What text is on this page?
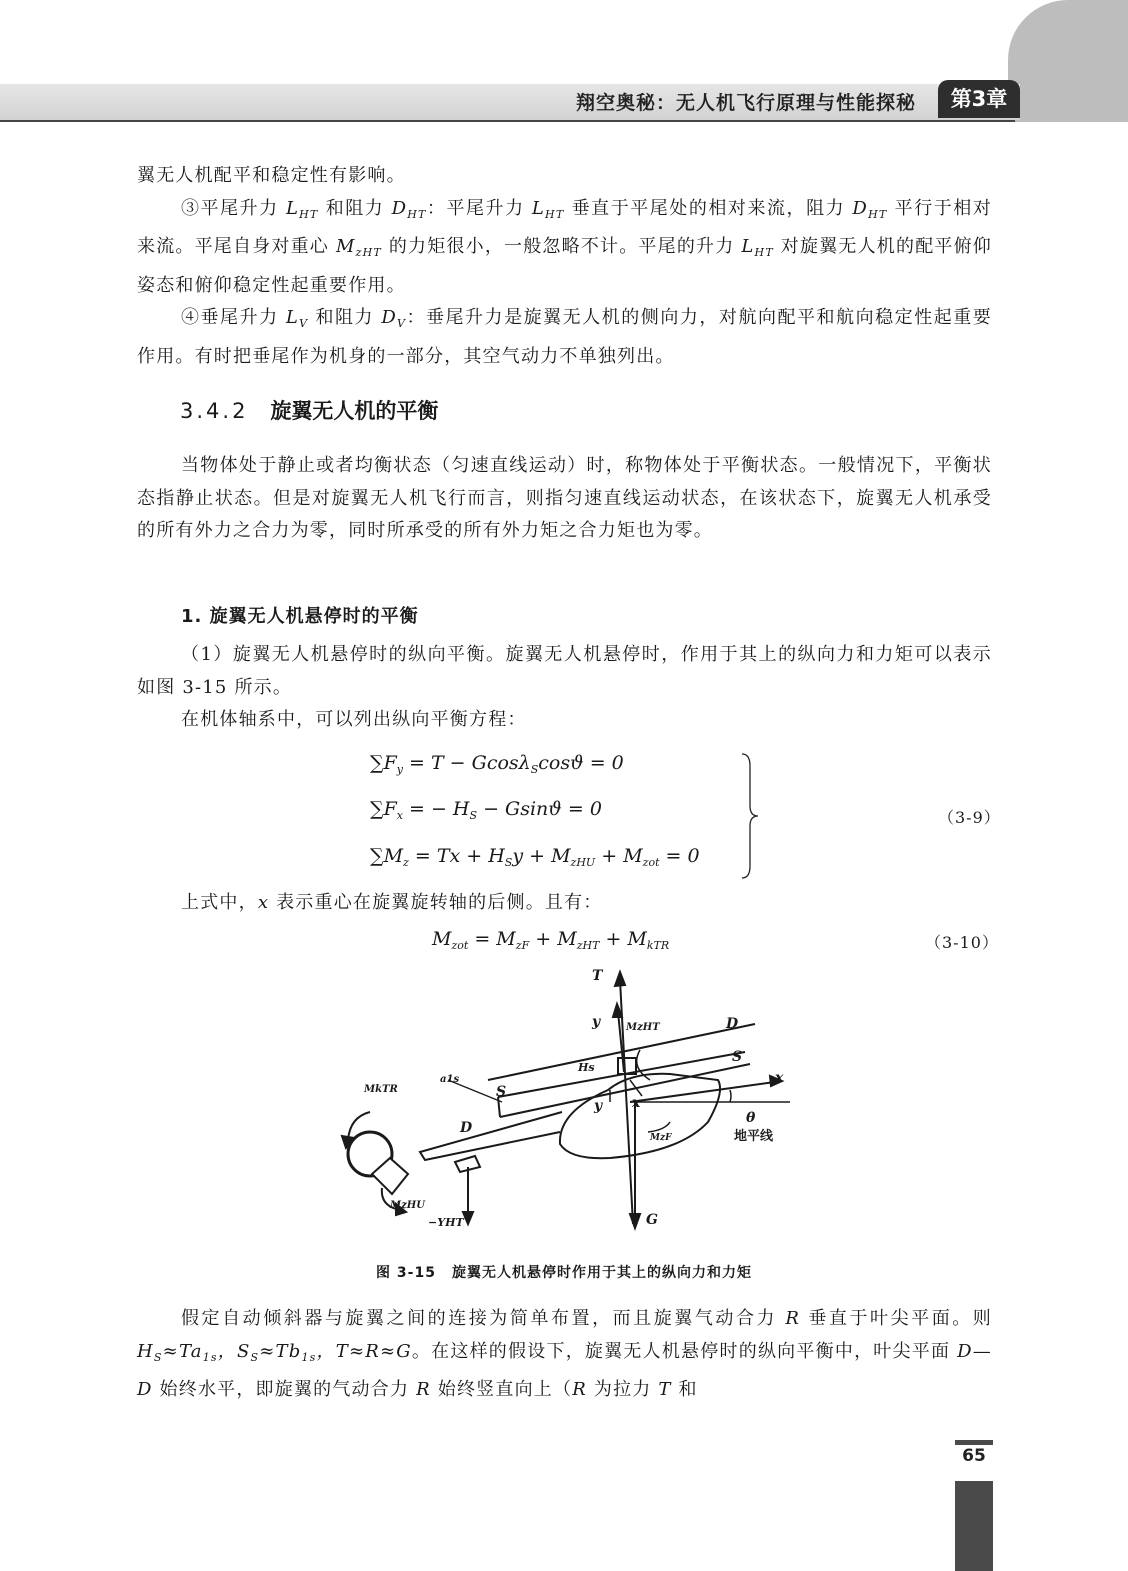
翔空奥秘：无人机飞行原理与性能探秘	第3章

翼无人机配平和稳定性有影响。

③平尾升力 $L_{HT}$ 和阻力 $D_{HT}$：平尾升力 $L_{HT}$ 垂直于平尾处的相对来流，阻力 $D_{HT}$ 平行于相对来流。平尾自身对重心 $M_{zHT}$ 的力矩很小，一般忽略不计。平尾的升力 $L_{HT}$ 对旋翼无人机的配平俯仰姿态和俯仰稳定性起重要作用。

④垂尾升力 $L_V$ 和阻力 $D_V$：垂尾升力是旋翼无人机的侧向力，对航向配平和航向稳定性起重要作用。有时把垂尾作为机身的一部分，其空气动力不单独列出。

3.4.2 旋翼无人机的平衡

当物体处于静止或者均衡状态（匀速直线运动）时，称物体处于平衡状态。一般情况下，平衡状态指静止状态。但是对旋翼无人机飞行而言，则指匀速直线运动状态，在该状态下，旋翼无人机承受的所有外力之合力为零，同时所承受的所有外力矩之合力矩也为零。

1. 旋翼无人机悬停时的平衡

（1）旋翼无人机悬停时的纵向平衡。旋翼无人机悬停时，作用于其上的纵向力和力矩可以表示如图 3-15 所示。

在机体轴系中，可以列出纵向平衡方程：

$\sum F_y = T - Gcos\lambda_S\cos ϑ = 0$
$\sum F_x$ = − $H_S - Gsinϑ = 0$
$\sum M_z = Tx + H_Sy + M_{zHU} + M_{zot} = 0$
（3-9）

上式中，x 表示重心在旋翼旋转轴的后侧。且有：

$M_{zot} = M_{zF} + M_{zHT} + M_{kTR}$	（3-10）
T
y	MzHT	D
S
Hs
x
θ
地平线
MkTR
a1s
S
D
y x
MzF
MzHU
−YHT	G
图 3-15 旋翼无人机悬停时作用于其上的纵向力和力矩

假定自动倾斜器与旋翼之间的连接为简单布置，而且旋翼气动合力 R 垂直于叶尖平面。则 $H_S\approx Ta_{1s}$，$S_S\approx Tb_{1s}$，T≈R≈G。在这样的假设下，旋翼无人机悬停时的纵向平衡中，叶尖平面 D—D 始终水平，即旋翼的气动合力 R 始终竖直向上（R 为拉力 T 和

65
